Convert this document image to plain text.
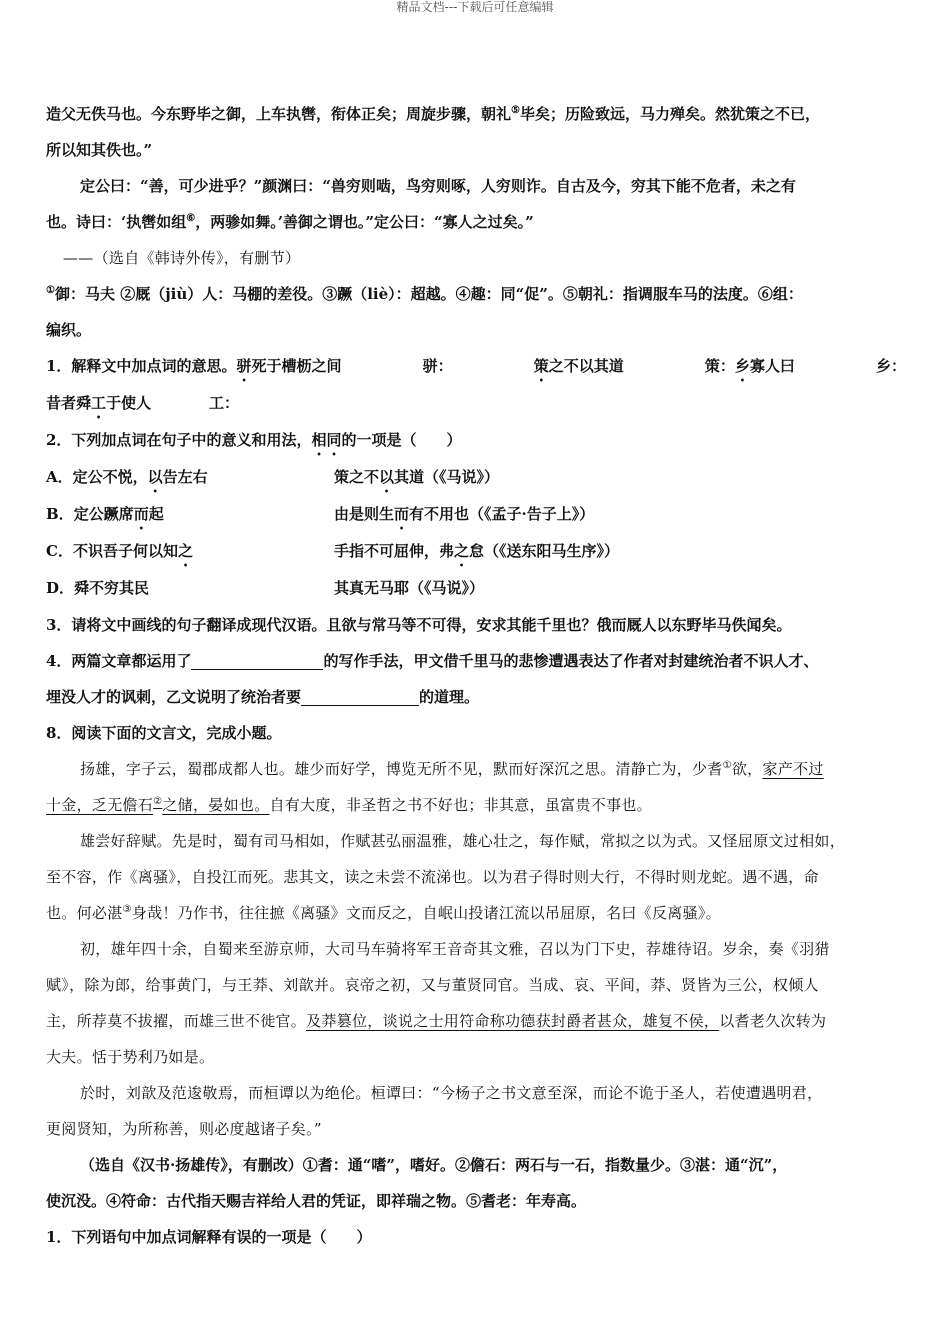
精品文档---下载后可任意编辑

造父无佚马也。今东野毕之御，上车执辔，衔体正矣；周旋步骤，朝礼⑤毕矣；历险致远，马力殚矣。然犹策之不已，

所以知其佚也。”

定公曰：“善，可少进乎？”颜渊曰：“兽穷则啮，鸟穷则啄，人穷则诈。自古及今，穷其下能不危者，未之有

也。诗曰：‘执辔如组⑥，两骖如舞。’善御之谓也。”定公曰：“寡人之过矣。”

——（选自《韩诗外传》，有删节）

①御：马夫 ②厩（jiù）人：马棚的差役。③蹶（liè）：超越。④趣：同“促”。⑤朝礼：指调服车马的法度。⑥组：

编织。

1．解释文中加点词的意思。骈死于槽枥之间	骈：	策之不以其道	策：乡寡人曰	乡：

昔者舜工于使人	工：

2．下列加点词在句子中的意义和用法，相同的一项是（　　）

A．定公不悦，以告左右	策之不以其道（《马说》）
B．定公蹶席而起	由是则生而有不用也（《孟子·告子上》）
C．不识吾子何以知之	手指不可屈伸，弗之怠（《送东阳马生序》）
D．舜不穷其民	其真无马耶（《马说》）

3．请将文中画线的句子翻译成现代汉语。且欲与常马等不可得，安求其能千里也？俄而厩人以东野毕马佚闻矣。

4．两篇文章都运用了	的写作手法，甲文借千里马的悲惨遭遇表达了作者对封建统治者不识人才、

埋没人才的讽刺，乙文说明了统治者要	的道理。

8．阅读下面的文言文，完成小题。

扬雄，字子云，蜀郡成都人也。雄少而好学，博览无所不见，默而好深沉之思。清静亡为，少耆①欲，家产不过

十金，乏无儋石②之储，晏如也。自有大度，非圣哲之书不好也；非其意，虽富贵不事也。

雄尝好辞赋。先是时，蜀有司马相如，作赋甚弘丽温雅，雄心壮之，每作赋，常拟之以为式。又怪屈原文过相如，

至不容，作《离骚》，自投江而死。悲其文，读之未尝不流涕也。以为君子得时则大行，不得时则龙蛇。遇不遇，命

也。何必湛③身哉！乃作书，往往摭《离骚》文而反之，自岷山投诸江流以吊屈原，名曰《反离骚》。

初，雄年四十余，自蜀来至游京师，大司马车骑将军王音奇其文雅，召以为门下史，荐雄待诏。岁余，奏《羽猎

赋》，除为郎，给事黄门，与王莽、刘歆并。哀帝之初，又与董贤同官。当成、哀、平间，莽、贤皆为三公，权倾人

主，所荐莫不拔擢，而雄三世不徙官。及莽篡位，谈说之士用符命称功德获封爵者甚众，雄复不侯，以耆老久次转为

大夫。恬于势利乃如是。

於时，刘歆及范逡敬焉，而桓谭以为绝伦。桓谭曰：“今杨子之书文意至深，而论不诡于圣人，若使遭遇明君，

更阅贤知，为所称善，则必度越诸子矣。”

（选自《汉书·扬雄传》，有删改）①耆：通“嗜”，嗜好。②儋石：两石与一石，指数量少。③湛：通“沉”，

使沉没。④符命：古代指天赐吉祥给人君的凭证，即祥瑞之物。⑤耆老：年寿高。

1．下列语句中加点词解释有误的一项是（　　）
